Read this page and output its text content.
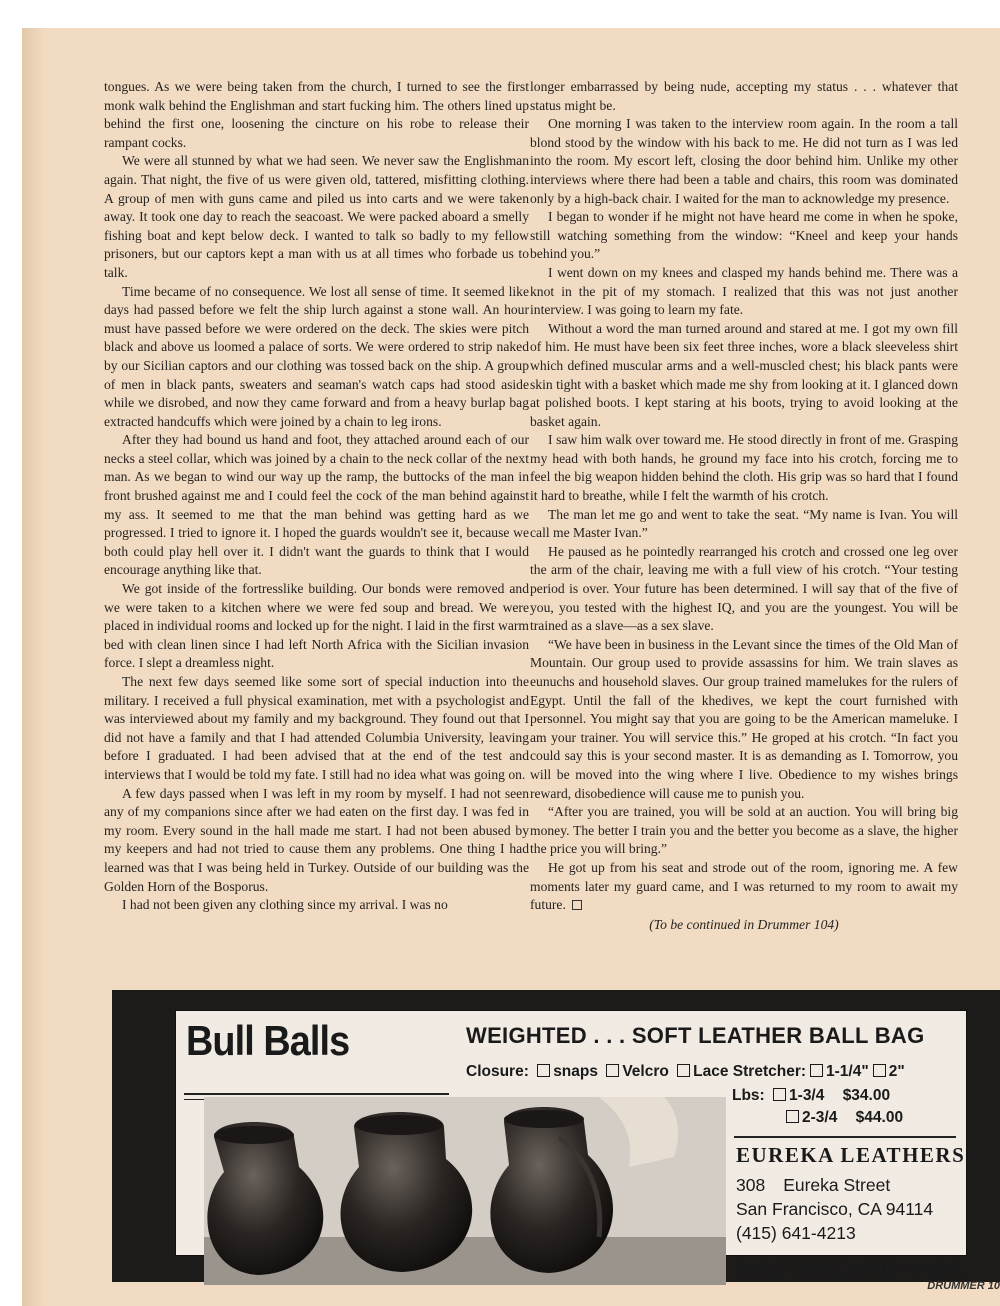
tongues. As we were being taken from the church, I turned to see the first monk walk behind the Englishman and start fucking him. The others lined up behind the first one, loosening the cincture on his robe to release their rampant cocks.

We were all stunned by what we had seen. We never saw the Englishman again. That night, the five of us were given old, tattered, misfitting clothing. A group of men with guns came and piled us into carts and we were taken away. It took one day to reach the seacoast. We were packed aboard a smelly fishing boat and kept below deck. I wanted to talk so badly to my fellow prisoners, but our captors kept a man with us at all times who forbade us to talk.

Time became of no consequence. We lost all sense of time. It seemed like days had passed before we felt the ship lurch against a stone wall. An hour must have passed before we were ordered on the deck. The skies were pitch black and above us loomed a palace of sorts. We were ordered to strip naked by our Sicilian captors and our clothing was tossed back on the ship. A group of men in black pants, sweaters and seaman's watch caps had stood aside while we disrobed, and now they came forward and from a heavy burlap bag extracted handcuffs which were joined by a chain to leg irons.

After they had bound us hand and foot, they attached around each of our necks a steel collar, which was joined by a chain to the neck collar of the next man. As we began to wind our way up the ramp, the buttocks of the man in front brushed against me and I could feel the cock of the man behind against my ass. It seemed to me that the man behind was getting hard as we progressed. I tried to ignore it. I hoped the guards wouldn't see it, because we both could play hell over it. I didn't want the guards to think that I would encourage anything like that.

We got inside of the fortresslike building. Our bonds were removed and we were taken to a kitchen where we were fed soup and bread. We were placed in individual rooms and locked up for the night. I laid in the first warm bed with clean linen since I had left North Africa with the Sicilian invasion force. I slept a dreamless night.

The next few days seemed like some sort of special induction into the military. I received a full physical examination, met with a psychologist and was interviewed about my family and my background. They found out that I did not have a family and that I had attended Columbia University, leaving before I graduated. I had been advised that at the end of the test and interviews that I would be told my fate. I still had no idea what was going on.

A few days passed when I was left in my room by myself. I had not seen any of my companions since after we had eaten on the first day. I was fed in my room. Every sound in the hall made me start. I had not been abused by my keepers and had not tried to cause them any problems. One thing I had learned was that I was being held in Turkey. Outside of our building was the Golden Horn of the Bosporus.

I had not been given any clothing since my arrival. I was no

longer embarrassed by being nude, accepting my status . . . whatever that status might be.

One morning I was taken to the interview room again. In the room a tall blond stood by the window with his back to me. He did not turn as I was led into the room. My escort left, closing the door behind him. Unlike my other interviews where there had been a table and chairs, this room was dominated only by a high-back chair. I waited for the man to acknowledge my presence.

I began to wonder if he might not have heard me come in when he spoke, still watching something from the window: “Kneel and keep your hands behind you.”

I went down on my knees and clasped my hands behind me. There was a knot in the pit of my stomach. I realized that this was not just another interview. I was going to learn my fate.

Without a word the man turned around and stared at me. I got my own fill of him. He must have been six feet three inches, wore a black sleeveless shirt which defined muscular arms and a well-muscled chest; his black pants were skin tight with a basket which made me shy from looking at it. I glanced down at polished boots. I kept staring at his boots, trying to avoid looking at the basket again.

I saw him walk over toward me. He stood directly in front of me. Grasping my head with both hands, he ground my face into his crotch, forcing me to feel the big weapon hidden behind the cloth. His grip was so hard that I found it hard to breathe, while I felt the warmth of his crotch.

The man let me go and went to take the seat. “My name is Ivan. You will call me Master Ivan.”

He paused as he pointedly rearranged his crotch and crossed one leg over the arm of the chair, leaving me with a full view of his crotch. “Your testing period is over. Your future has been determined. I will say that of the five of you, you tested with the highest IQ, and you are the youngest. You will be trained as a slave—as a sex slave.

“We have been in business in the Levant since the times of the Old Man of Mountain. Our group used to provide assassins for him. We train slaves as eunuchs and household slaves. Our group trained mamelukes for the rulers of Egypt. Until the fall of the khedives, we kept the court furnished with personnel. You might say that you are going to be the American mameluke. I am your trainer. You will service this.” He groped at his crotch. “In fact you could say this is your second master. It is as demanding as I. Tomorrow, you will be moved into the wing where I live. Obedience to my wishes brings reward, disobedience will cause me to punish you.

“After you are trained, you will be sold at an auction. You will bring big money. The better I train you and the better you become as a slave, the higher the price you will bring.”

He got up from his seat and strode out of the room, ignoring me. A few moments later my guard came, and I was returned to my room to await my future.

(To be continued in Drummer 104)
Bull Balls	WEIGHTED . . . SOFT LEATHER BALL BAG
Closure: snaps Velcro Lace Stretcher: 1-1/4" 2"
Lbs: 1-3/4 $34.00
2-3/4 $44.00
EUREKA LEATHERS
308 Eureka Street
San Francisco, CA 94114
(415) 641-4213
MASTERCARD~VISA
DRUMMER 10
